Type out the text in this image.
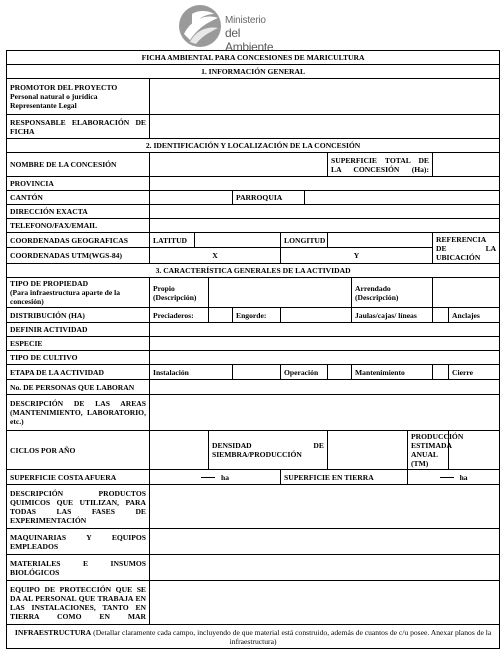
Ministerio
del Ambiente
FICHA AMBIENTAL PARA CONCESIONES DE MARICULTURA											
1. INFORMACIÓN GENERAL											
PROMOTOR DEL PROYECTO
Personal natural o jurídica
Representante Legal											
RESPONSABLE ELABORACIÓN DE FICHA											
2. IDENTIFICACIÓN Y LOCALIZACIÓN DE LA CONCESIÓN											
NOMBRE DE LA CONCESIÓN							SUPERFICIE TOTAL DE LA CONCESIÓN (Ha):				
PROVINCIA											
CANTÓN				PARROQUIA							
DIRECCIÓN EXACTA											
TELEFONO/FAX/EMAIL											
COORDENADAS GEOGRAFICAS	LATITUD				LONGITUD					REFERENCIA DE LA UBICACIÓN	
COORDENADAS UTM(WGS-84)	X				Y						
3. CARACTERÍSTICA GENERALES DE LA ACTIVIDAD											

TIPO DE PROPIEDAD
(Para infraestructura aparte de la concesión)	Propio (Descripción)							Arrendado (Descripción)			
DISTRIBUCIÓN (HA)	Preciaderos:			Engorde:				Jaulas/cajas/ líneas			Anclajes
DEFINIR ACTIVIDAD											
ESPECIE											
TIPO DE CULTIVO											
ETAPA DE LA ACTIVIDAD	Instalación				Operación			Mantenimiento			Cierre
No. DE PERSONAS QUE LABORAN											
DESCRIPCIÓN DE LAS AREAS (MANTENIMIENTO, LABORATORIO, etc.)											
CICLOS POR AÑO			DENSIDAD DE SIEMBRA/PRODUCCIÓN						PRODUCCIÓN ESTIMADA ANUAL (TM)		
SUPERFICIE COSTA AFUERA	ha				SUPERFICIE EN TIERRA				ha		
DESCRIPCIÓN PRODUCTOS QUIMICOS QUE UTILIZAN, PARA TODAS LAS FASES DE EXPERIMENTACIÓN											
MAQUINARIAS Y EQUIPOS EMPLEADOS											
MATERIALES E INSUMOS BIOLÓGICOS											
EQUIPO DE PROTECCIÓN QUE SE DA AL PERSONAL QUE TRABAJA EN LAS INSTALACIONES, TANTO EN TIERRA COMO EN MAR											
INFRAESTRUCTURA (Detallar claramente cada campo, incluyendo de que material está construido, además de cuantos de c/u posee. Anexar planos de la infraestructura)											
